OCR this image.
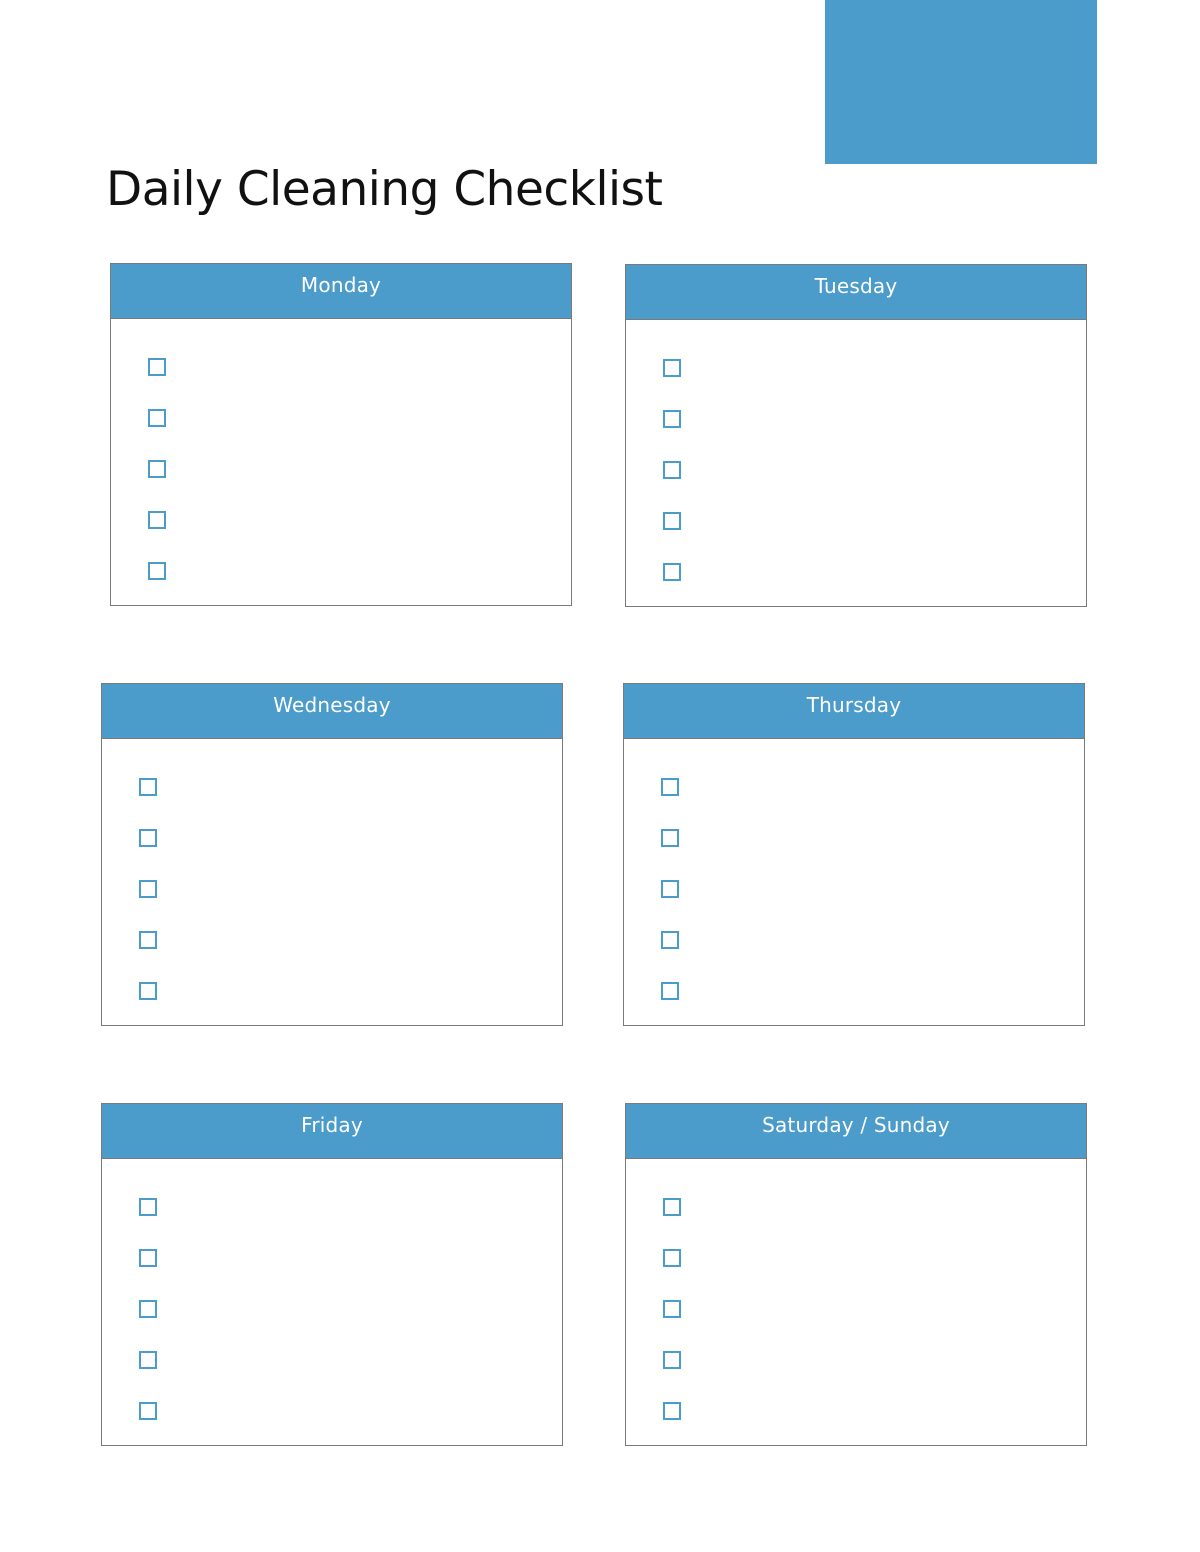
Daily Cleaning Checklist
Monday	Tuesday
Wednesday	Thursday
Friday	Saturday / Sunday
